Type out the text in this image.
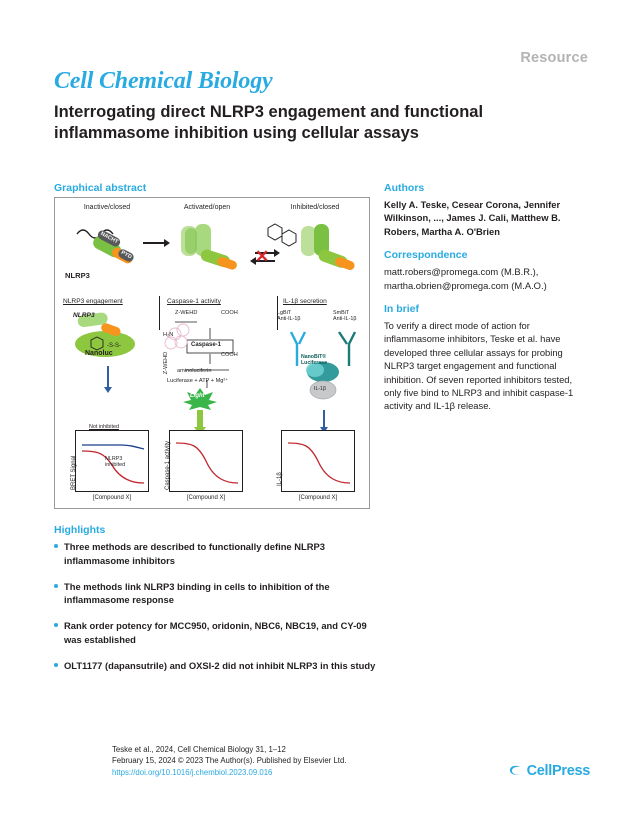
Resource
Cell Chemical Biology
Interrogating direct NLRP3 engagement and functional inflammasome inhibition using cellular assays
Graphical abstract
Inactive/closed	Activated/open	Inhibited/closed
NACHT
PYD
NLRP3
✕
NLRP3 engagement	Caspase-1 activity	IL-1β secretion
-S-S-
NLRP3
Nanoluc
Z-WEHD	COOH
Caspase-1
H₂N
COOH
Z-WEHD aminoluciferin
Luciferase + ATP + Mg²⁺
Light
LgBiT
Anti-IL-1β
SmBiT
Anti-IL-1β
NanoBiT®
Luciferase
IL-1β
Not inhibited
NLRP3 inhibited
BRET Signal
[Compound X]
Caspase-1 activity
[Compound X]
IL-1β
[Compound X]
Authors

Kelly A. Teske, Cesear Corona, Jennifer Wilkinson, ..., James J. Cali, Matthew B. Robers, Martha A. O'Brien

Correspondence

matt.robers@promega.com (M.B.R.), martha.obrien@promega.com (M.A.O.)

In brief

To verify a direct mode of action for inflammasome inhibitors, Teske et al. have developed three cellular assays for probing NLRP3 target engagement and functional inhibition. Of seven reported inhibitors tested, only five bind to NLRP3 and inhibit caspase-1 activity and IL-1β release.

Highlights
Three methods are described to functionally define NLRP3 inflammasome inhibitors
The methods link NLRP3 binding in cells to inhibition of the inflammasome response
Rank order potency for MCC950, oridonin, NBC6, NBC19, and CY-09 was established
OLT1177 (dapansutrile) and OXSI-2 did not inhibit NLRP3 in this study
Teske et al., 2024, Cell Chemical Biology 31, 1–12
February 15, 2024 © 2023 The Author(s). Published by Elsevier Ltd.
https://doi.org/10.1016/j.chembiol.2023.09.016	CellPress
